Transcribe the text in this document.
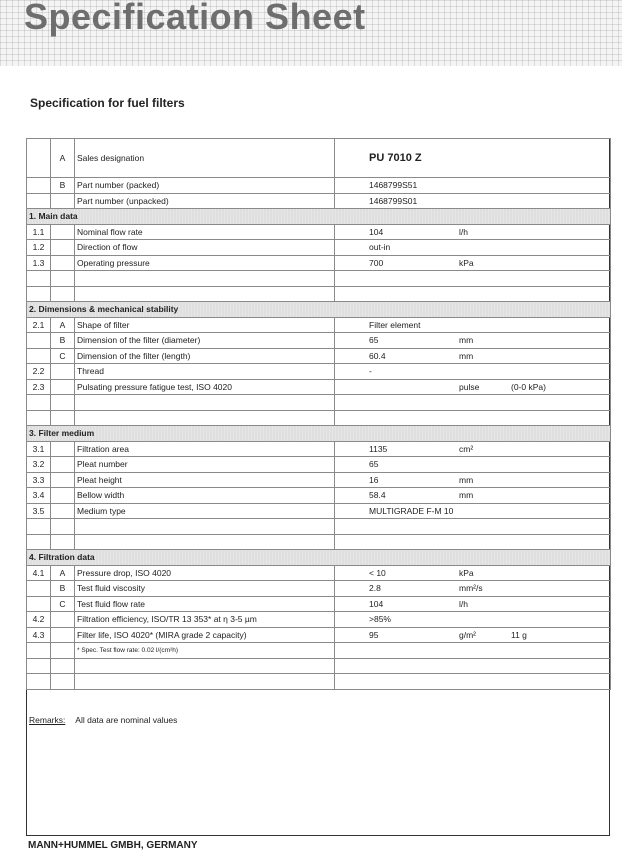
Specification Sheet
Specification for fuel filters
	A	Sales designation	PU 7010 Z
	B	Part number (packed)	1468799S51
		Part number (unpacked)	1468799S01
1. Main data			
1.1		Nominal flow rate	104 l/h

1.2		Direction of flow	out-in

1.3		Operating pressure	700 kPa

2. Dimensions & mechanical stability			
2.1	A	Shape of filter	Filter element

	B	Dimension of the filter (diameter)	65 mm

	C	Dimension of the filter (length)	60.4 mm

2.2		Thread	-

2.3		Pulsating pressure fatigue test, ISO 4020	pulse (0-0 kPa)

3. Filter medium			
3.1		Filtration area	1135 cm²

3.2		Pleat number	65

3.3		Pleat height	16 mm

3.4		Bellow width	58.4 mm

3.5		Medium type	MULTIGRADE F-M 10

4. Filtration data			
4.1	A	Pressure drop, ISO 4020	< 10 kPa

	B	Test fluid viscosity	2.8 mm²/s

	C	Test fluid flow rate	104 l/h

4.2		Filtration efficiency, ISO/TR 13 353* at η 3-5 µm	>85%

4.3		Filter life, ISO 4020* (MIRA grade 2 capacity)	95 g/m² 11 g

		* Spec. Test flow rate: 0.02 l/(cm²h)	

Remarks: All data are nominal values
MANN+HUMMEL GMBH, GERMANY
